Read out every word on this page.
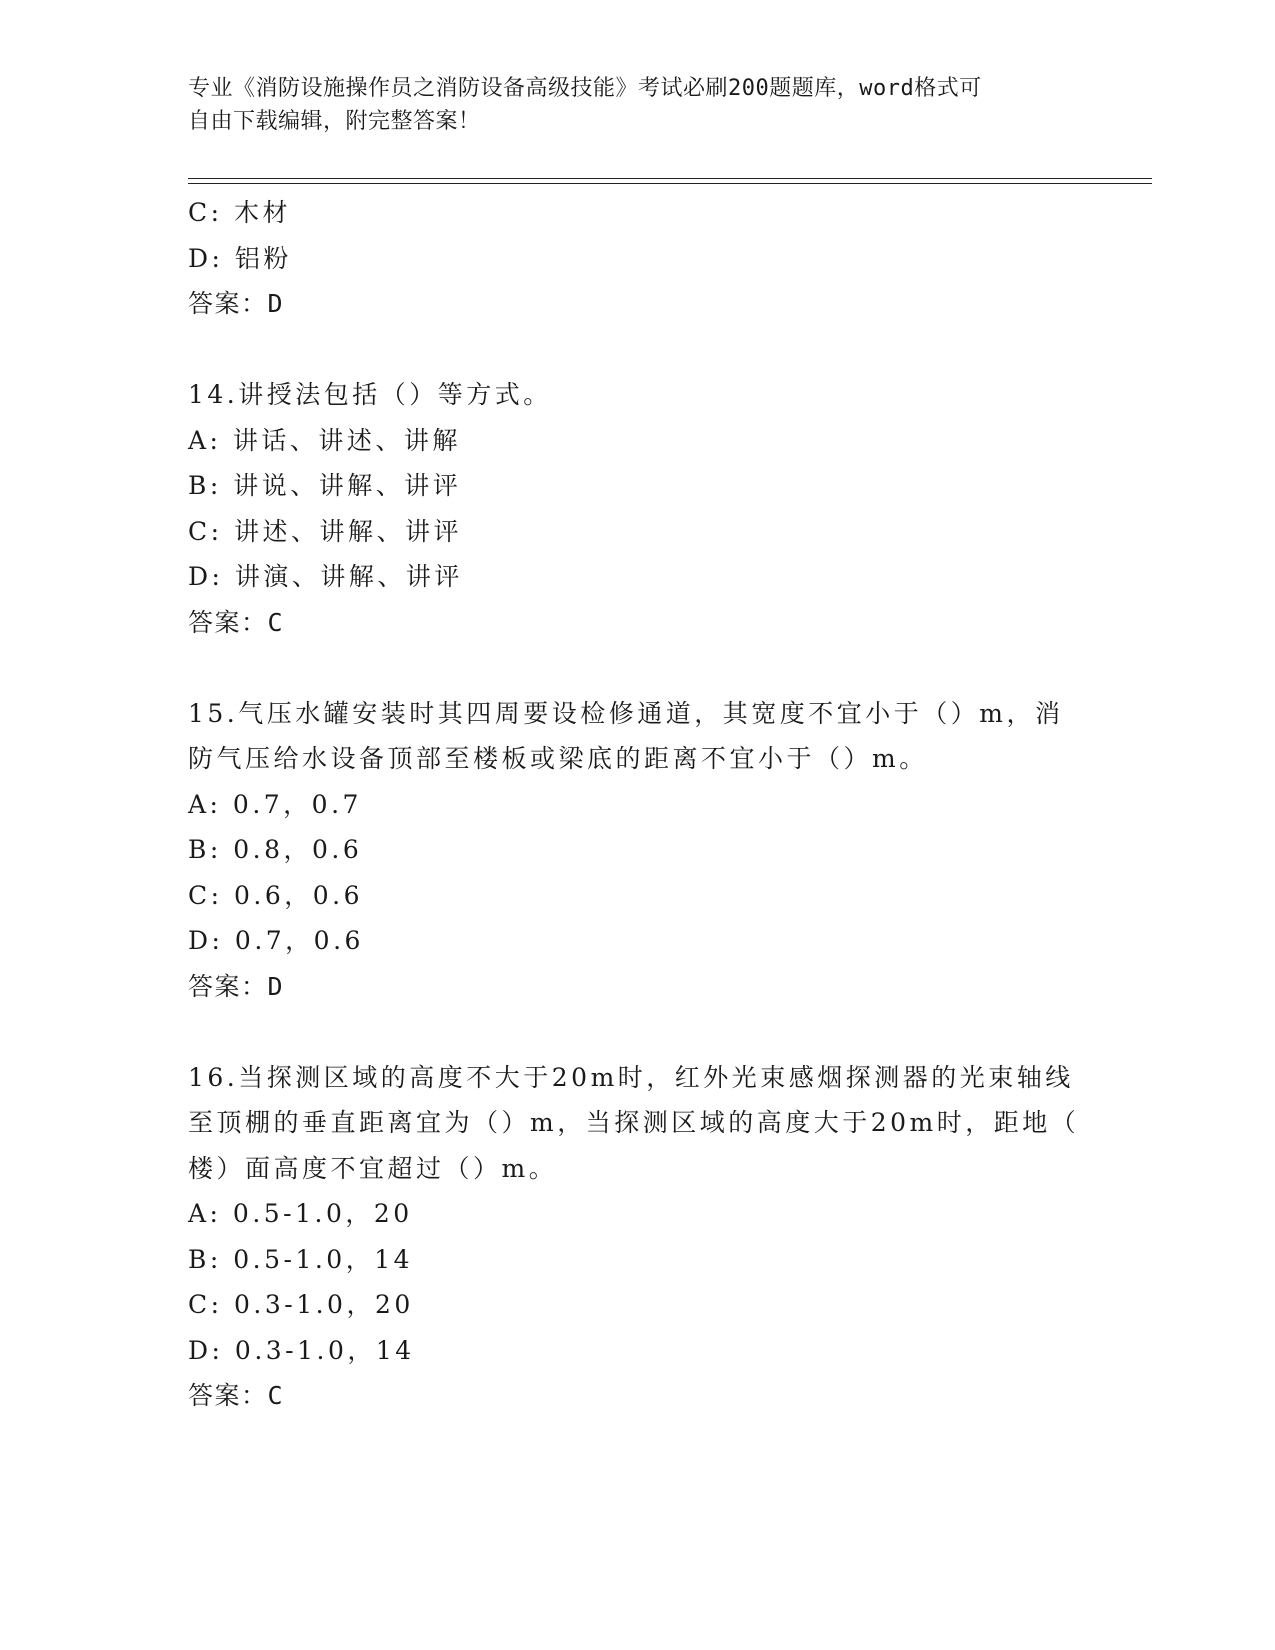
专业《消防设施操作员之消防设备高级技能》考试必刷200题题库，word格式可
自由下载编辑，附完整答案！
C: 木材
D: 铝粉
答案：D
14.讲授法包括（）等方式。
A: 讲话、讲述、讲解
B: 讲说、讲解、讲评
C: 讲述、讲解、讲评
D: 讲演、讲解、讲评
答案：C
15.气压水罐安装时其四周要设检修通道，其宽度不宜小于（）m，消
防气压给水设备顶部至楼板或梁底的距离不宜小于（）m。
A: 0.7，0.7
B: 0.8，0.6
C: 0.6，0.6
D: 0.7，0.6
答案：D
16.当探测区域的高度不大于20m时，红外光束感烟探测器的光束轴线
至顶棚的垂直距离宜为（）m，当探测区域的高度大于20m时，距地（
楼）面高度不宜超过（）m。
A: 0.5-1.0，20
B: 0.5-1.0，14
C: 0.3-1.0，20
D: 0.3-1.0，14
答案：C
